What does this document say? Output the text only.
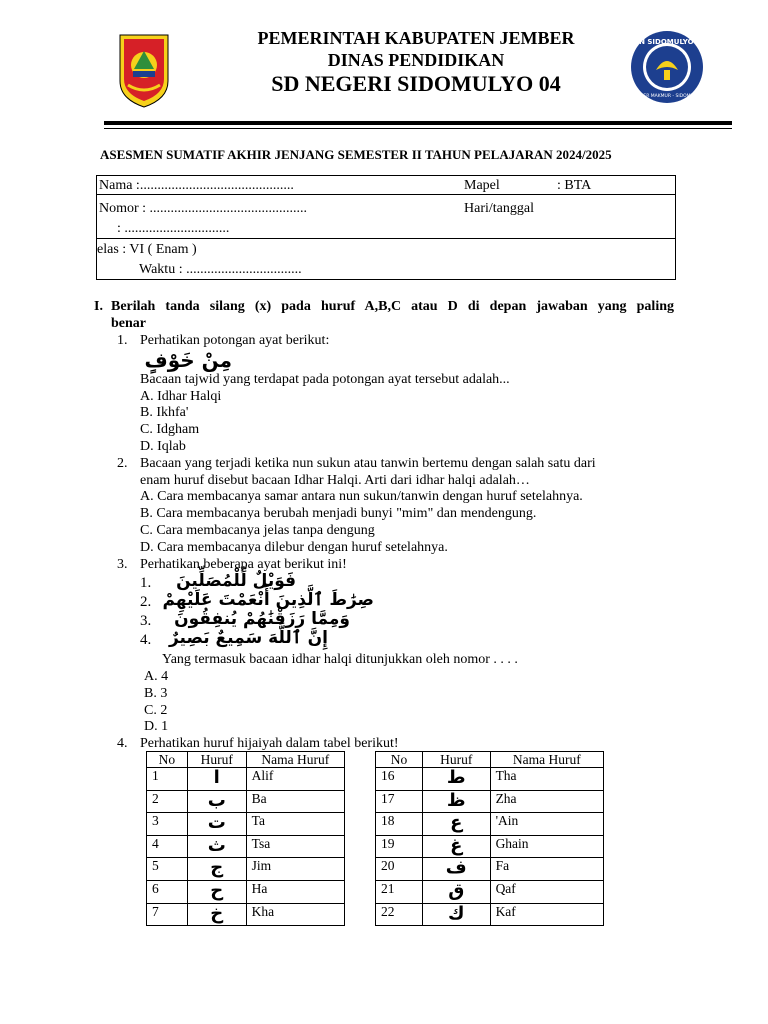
SDN SIDOMULYO 04
JEMBER MAKMUR - SIDOMULYO
PEMERINTAH KABUPATEN JEMBER
DINAS PENDIDIKAN
SD NEGERI SIDOMULYO 04
ASESMEN SUMATIF AKHIR JENJANG SEMESTER II TAHUN PELAJARAN 2024/2025
Nama :............................................	Mapel	: BTA
Nomor : .............................................	Hari/tanggal
: ..............................
elas : VI ( Enam )
Waktu : .................................
I. Berilah tanda silang (x) pada huruf A,B,C atau D di depan jawaban yang paling
benar
1. Perhatikan potongan ayat berikut:
مِنْ خَوْفٍ
Bacaan tajwid yang terdapat pada potongan ayat tersebut adalah...
A. Idhar Halqi
B. Ikhfa'
C. Idgham
D. Iqlab
2. Bacaan yang terjadi ketika nun sukun atau tanwin bertemu dengan salah satu dari
enam huruf disebut bacaan Idhar Halqi. Arti dari idhar halqi adalah…
A. Cara membacanya samar antara nun sukun/tanwin dengan huruf setelahnya.
B. Cara membacanya berubah menjadi bunyi "mim" dan mendengung.
C. Cara membacanya jelas tanpa dengung
D. Cara membacanya dilebur dengan huruf setelahnya.
3. Perhatikan beberapa ayat berikut ini!
1.	فَوَيْلٌ لِّلْمُصَلِّينَ
2. صِرَٰطَ ٱلَّذِينَ أَنْعَمْتَ عَلَيْهِمْ
3.	وَمِمَّا رَزَقْنَٰهُمْ يُنفِقُونَ
4.	إِنَّ ٱللَّهَ سَمِيعٌ بَصِيرٌ
Yang termasuk bacaan idhar halqi ditunjukkan oleh nomor . . . .
A. 4
B. 3
C. 2
D. 1
4. Perhatikan huruf hijaiyah dalam tabel berikut!
No	Huruf	Nama Huruf
1	ا	Alif
2	ب	Ba
3	ت	Ta
4	ث	Tsa
5	ج	Jim
6	ح	Ha
7	خ	Kha
No	Huruf	Nama Huruf
16	ط	Tha
17	ظ	Zha
18	ع	'Ain
19	غ	Ghain
20	ف	Fa
21	ق	Qaf
22	ك	Kaf
